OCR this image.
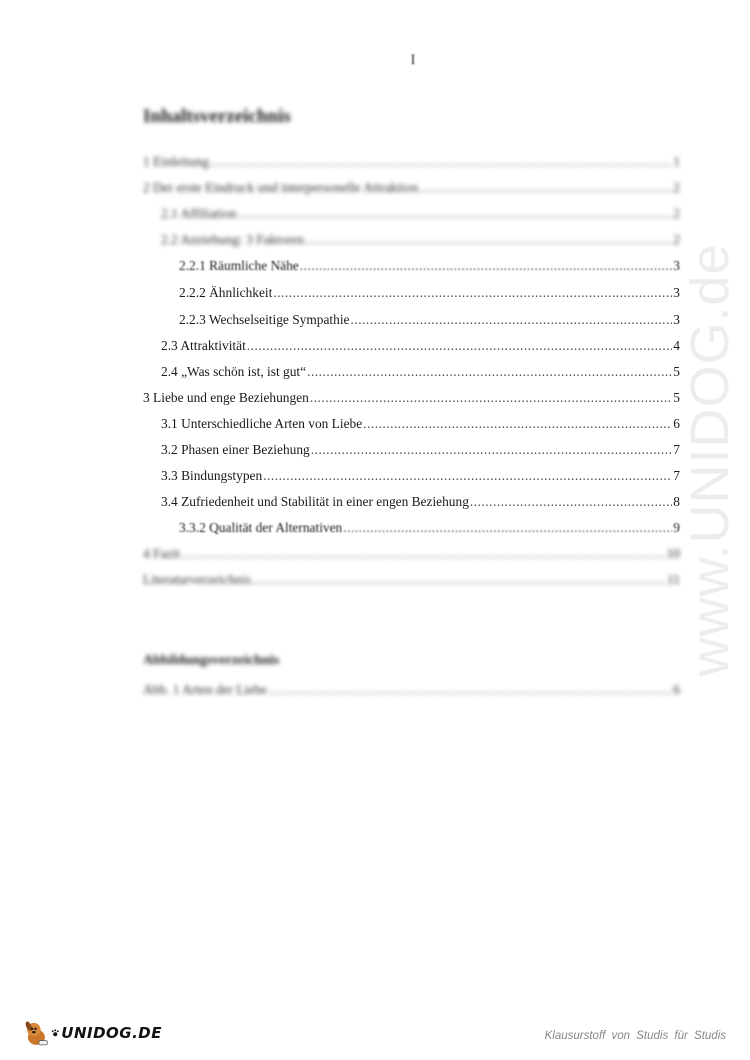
I
Inhaltsverzeichnis
1 Einleitung .....	1
2 Der erste Eindruck und interpersonelle Attraktion .....	2
2.1 Affiliation .....	2
2.2 Anziehung: 3 Faktoren .....	2
2.2.1 Räumliche Nähe .....	3
2.2.2 Ähnlichkeit .....	3
2.2.3 Wechselseitige Sympathie .....	3
2.3 Attraktivität .....	4
2.4 „Was schön ist, ist gut“ .....	5
3 Liebe und enge Beziehungen .....	5
3.1 Unterschiedliche Arten von Liebe .....	6
3.2 Phasen einer Beziehung .....	7
3.3 Bindungstypen .....	7
3.4 Zufriedenheit und Stabilität in einer engen Beziehung .....	8
3.3.2 Qualität der Alternativen .....	9
4 Fazit .....	10
Literaturverzeichnis .....	11
Abbildungsverzeichnis
Abb. 1 Arten der Liebe .....	6
www.UNIDOG.de
UNIDOG.DE	Klausurstoff von Studis für Studis
